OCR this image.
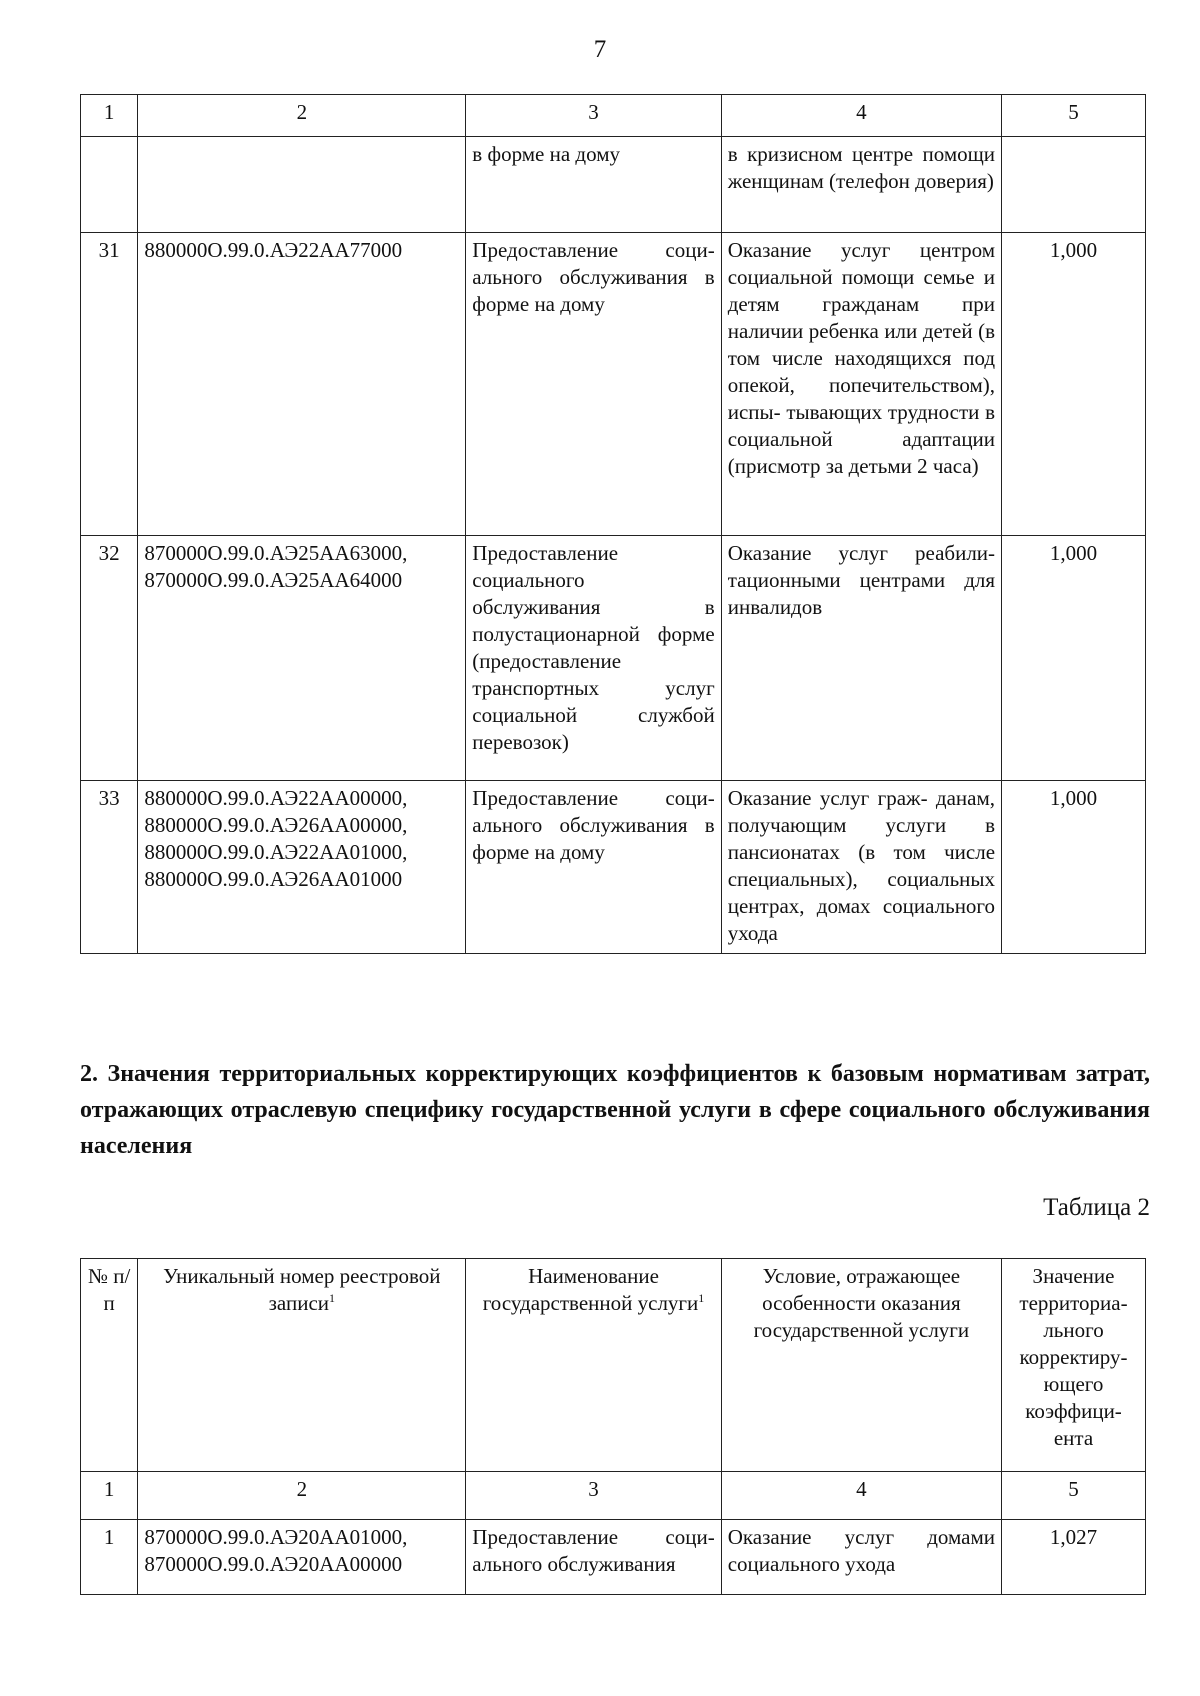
7
1	2	3	4	5
		в форме на дому	в кризисном центре помощи женщинам (телефон доверия)	
31	880000О.99.0.АЭ22АА77000	Предоставление соци- ального обслуживания в форме на дому	Оказание услуг центром социальной помощи семье и детям гражданам при наличии ребенка или детей (в том числе находящихся под опекой, попечительством), испы- тывающих трудности в социальной адаптации (присмотр за детьми 2 часа)	1,000
32	870000О.99.0.АЭ25АА63000, 870000О.99.0.АЭ25АА64000	Предоставление социального обслуживания в полустационарной форме (предоставление транспортных услуг социальной службой перевозок)	Оказание услуг реабили- тационными центрами для инвалидов	1,000
33	880000О.99.0.АЭ22АА00000, 880000О.99.0.АЭ26АА00000, 880000О.99.0.АЭ22АА01000, 880000О.99.0.АЭ26АА01000	Предоставление соци- ального обслуживания в форме на дому	Оказание услуг граж- данам, получающим услуги в пансионатах (в том числе специальных), социальных центрах, домах социального ухода	1,000
2. Значения территориальных корректирующих коэффициентов к базовым нормативам затрат, отражающих отраслевую специфику государственной услуги в сфере социального обслуживания населения
Таблица 2
№ п/п	Уникальный номер реестровой записи$^1$	Наименование государственной услуги$^1$	Условие, отражающее особенности оказания государственной услуги	Значение территориа- льного корректиру- ющего коэффици- ента
1	2	3	4	5
1	870000О.99.0.АЭ20АА01000, 870000О.99.0.АЭ20АА00000	Предоставление соци- ального обслуживания	Оказание услуг домами социального ухода	1,027
